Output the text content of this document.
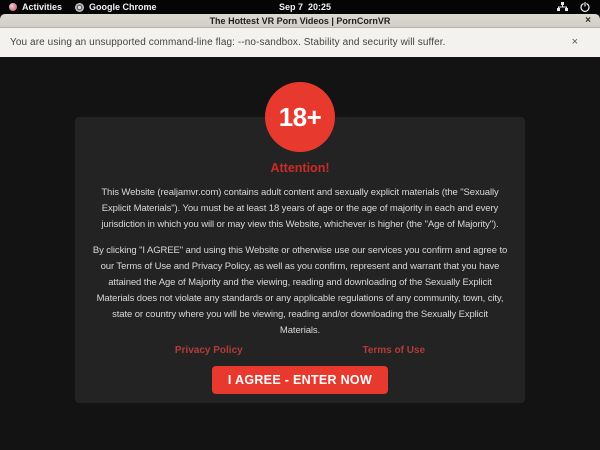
Activities	Google Chrome	Sep 7  20:25

The Hottest VR Porn Videos | PornCornVR	×
You are using an unsupported command-line flag: --no-sandbox. Stability and security will suffer.	×
18+
Attention!

This Website (realjamvr.com) contains adult content and sexually explicit materials (the "Sexually Explicit Materials"). You must be at least 18 years of age or the age of majority in each and every jurisdiction in which you will or may view this Website, whichever is higher (the "Age of Majority").

By clicking "I AGREE" and using this Website or otherwise use our services you confirm and agree to our Terms of Use and Privacy Policy, as well as you confirm, represent and warrant that you have attained the Age of Majority and the viewing, reading and downloading of the Sexually Explicit Materials does not violate any standards or any applicable regulations of any community, town, city, state or country where you will be viewing, reading and/or downloading the Sexually Explicit Materials.

Privacy Policy	Terms of Use
I AGREE - ENTER NOW
